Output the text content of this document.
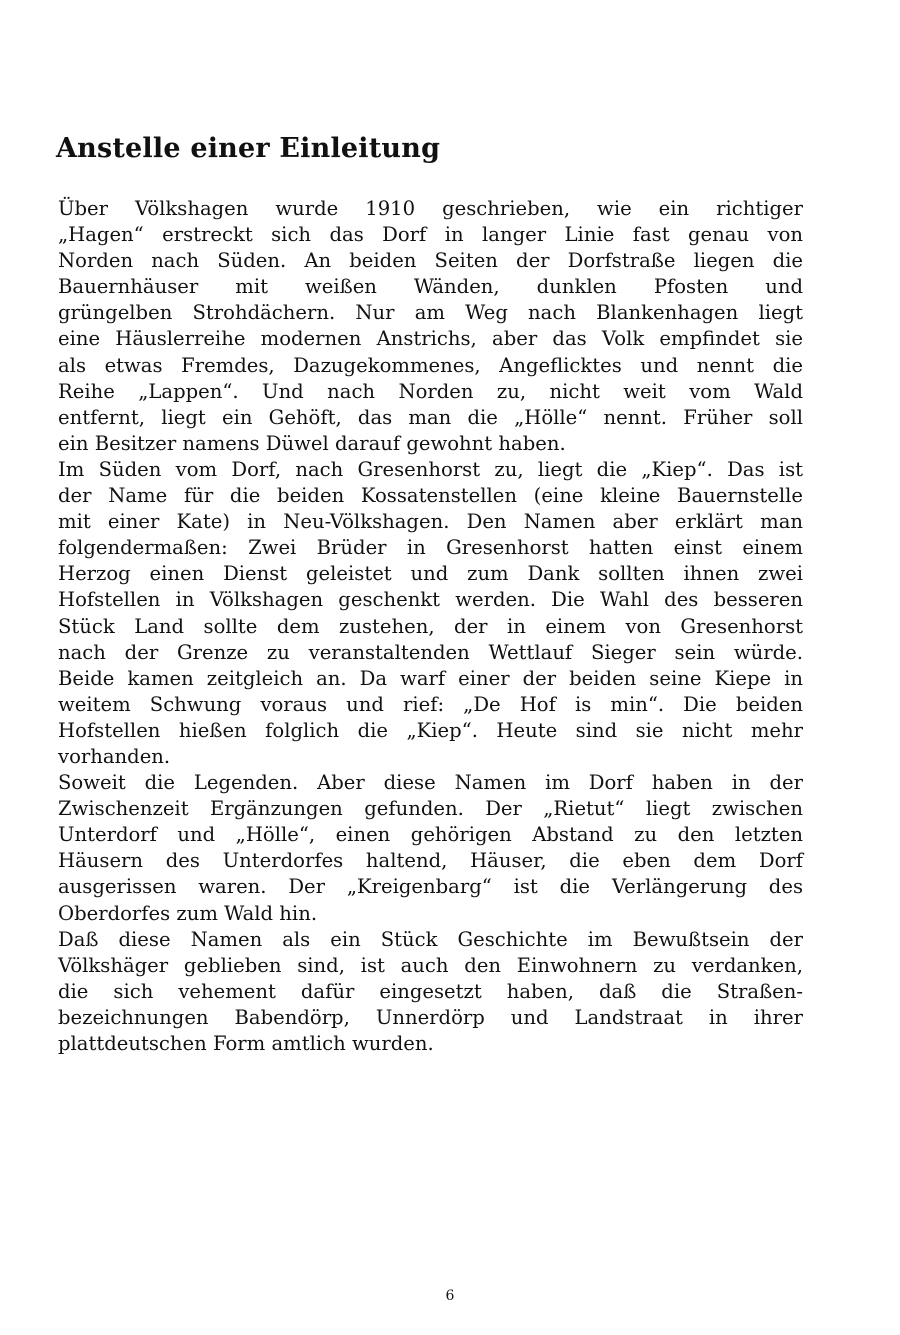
Anstelle einer Einleitung

Über Völkshagen wurde 1910 geschrieben, wie ein richtiger
„Hagen“ erstreckt sich das Dorf in langer Linie fast genau von
Norden nach Süden. An beiden Seiten der Dorfstraße liegen die
Bauernhäuser mit weißen Wänden, dunklen Pfosten und
grüngelben Strohdächern. Nur am Weg nach Blankenhagen liegt
eine Häuslerreihe modernen Anstrichs, aber das Volk empfindet sie
als etwas Fremdes, Dazugekommenes, Angeflicktes und nennt die
Reihe „Lappen“. Und nach Norden zu, nicht weit vom Wald
entfernt, liegt ein Gehöft, das man die „Hölle“ nennt. Früher soll
ein Besitzer namens Düwel darauf gewohnt haben.

Im Süden vom Dorf, nach Gresenhorst zu, liegt die „Kiep“. Das ist
der Name für die beiden Kossatenstellen (eine kleine Bauernstelle
mit einer Kate) in Neu-Völkshagen. Den Namen aber erklärt man
folgendermaßen: Zwei Brüder in Gresenhorst hatten einst einem
Herzog einen Dienst geleistet und zum Dank sollten ihnen zwei
Hofstellen in Völkshagen geschenkt werden. Die Wahl des besseren
Stück Land sollte dem zustehen, der in einem von Gresenhorst
nach der Grenze zu veranstaltenden Wettlauf Sieger sein würde.
Beide kamen zeitgleich an. Da warf einer der beiden seine Kiepe in
weitem Schwung voraus und rief: „De Hof is min“. Die beiden
Hofstellen hießen folglich die „Kiep“. Heute sind sie nicht mehr
vorhanden.

Soweit die Legenden. Aber diese Namen im Dorf haben in der
Zwischenzeit Ergänzungen gefunden. Der „Rietut“ liegt zwischen
Unterdorf und „Hölle“, einen gehörigen Abstand zu den letzten
Häusern des Unterdorfes haltend, Häuser, die eben dem Dorf
ausgerissen waren. Der „Kreigenbarg“ ist die Verlängerung des
Oberdorfes zum Wald hin.

Daß diese Namen als ein Stück Geschichte im Bewußtsein der
Völkshäger geblieben sind, ist auch den Einwohnern zu verdanken,
die sich vehement dafür eingesetzt haben, daß die Straßen-
bezeichnungen Babendörp, Unnerdörp und Landstraat in ihrer
plattdeutschen Form amtlich wurden.

6
